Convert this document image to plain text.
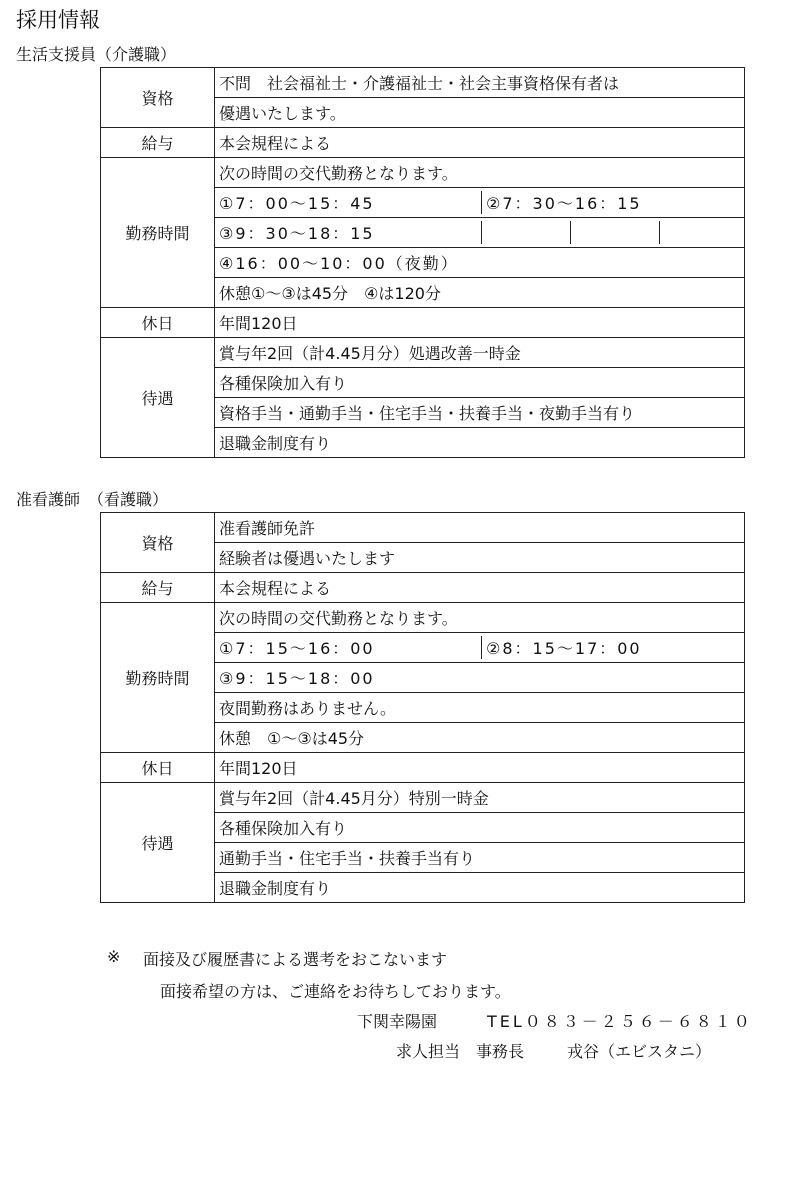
採用情報
生活支援員（介護職）
資格	不問　社会福祉士・介護福祉士・社会主事資格保有者は
優遇いたします。
給与	本会規程による
勤務時間	次の時間の交代勤務となります。

①7：00〜15：45	②7：30〜16：15

③9：30〜18：15			

④16：00〜10：00（夜勤）
休憩①〜③は45分　④は120分
休日	年間120日
待遇	賞与年2回（計4.45月分）処遇改善一時金
各種保険加入有り
資格手当・通勤手当・住宅手当・扶養手当・夜勤手当有り
退職金制度有り
准看護師　（看護職）
資格	准看護師免許
経験者は優遇いたします
給与	本会規程による
勤務時間	次の時間の交代勤務となります。

①7：15〜16：00	②8：15〜17：00

③9：15〜18：00
夜間勤務はありません。
休憩　①〜③は45分
休日	年間120日
待遇	賞与年2回（計4.45月分）特別一時金
各種保険加入有り
通勤手当・住宅手当・扶養手当有り
退職金制度有り
※ 面接及び履歴書による選考をおこないます
面接希望の方は、ご連絡をお待ちしております。
下関幸陽園	TEL０８３－２５６－６８１０
求人担当　事務長	戎谷（エビスタニ）
